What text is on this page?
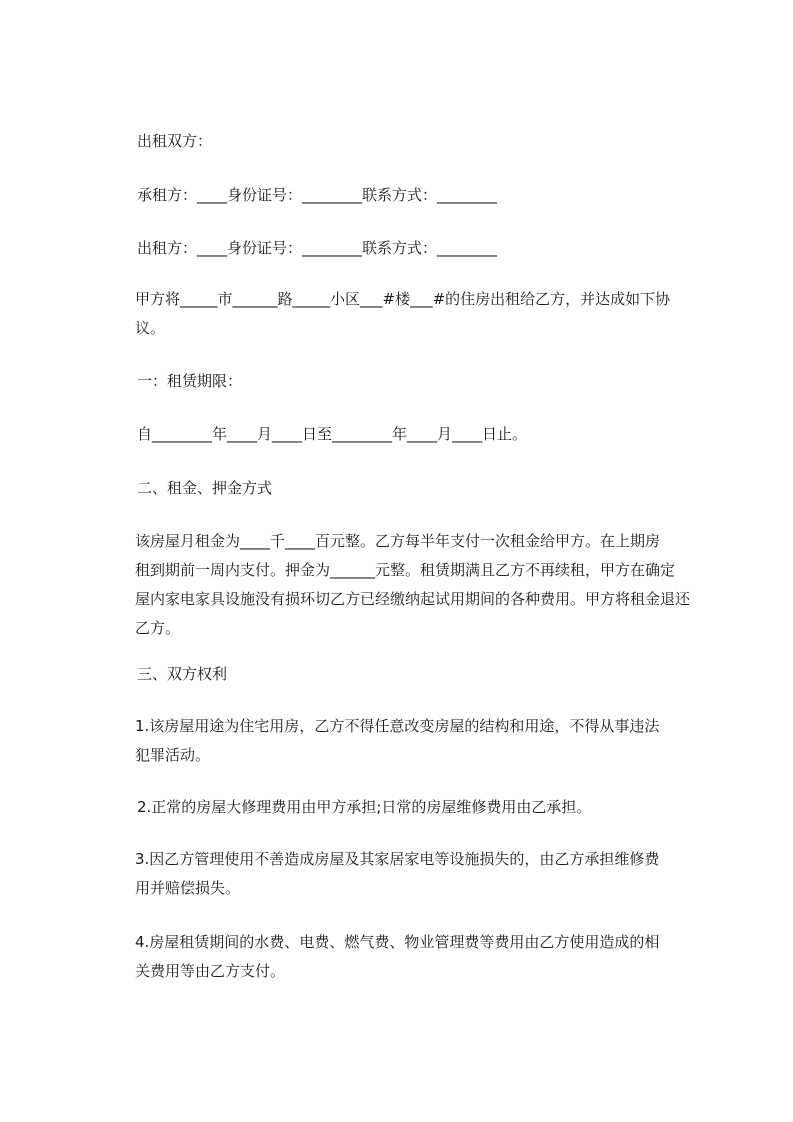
出租双方：
承租方：____身份证号：________联系方式：________
出租方：____身份证号：________联系方式：________
甲方将_____市______路_____小区___#楼___#的住房出租给乙方，并达成如下协
议。
一：租赁期限：
自________年____月____日至________年____月____日止。
二、租金、押金方式
该房屋月租金为____千____百元整。乙方每半年支付一次租金给甲方。在上期房
租到期前一周内支付。押金为______元整。租赁期满且乙方不再续租，甲方在确定
屋内家电家具设施没有损环切乙方已经缴纳起试用期间的各种费用。甲方将租金退还
乙方。
三、双方权利
1.该房屋用途为住宅用房，乙方不得任意改变房屋的结构和用途，不得从事违法
犯罪活动。
2.正常的房屋大修理费用由甲方承担;日常的房屋维修费用由乙承担。
3.因乙方管理使用不善造成房屋及其家居家电等设施损失的，由乙方承担维修费
用并赔偿损失。
4.房屋租赁期间的水费、电费、燃气费、物业管理费等费用由乙方使用造成的相
关费用等由乙方支付。
